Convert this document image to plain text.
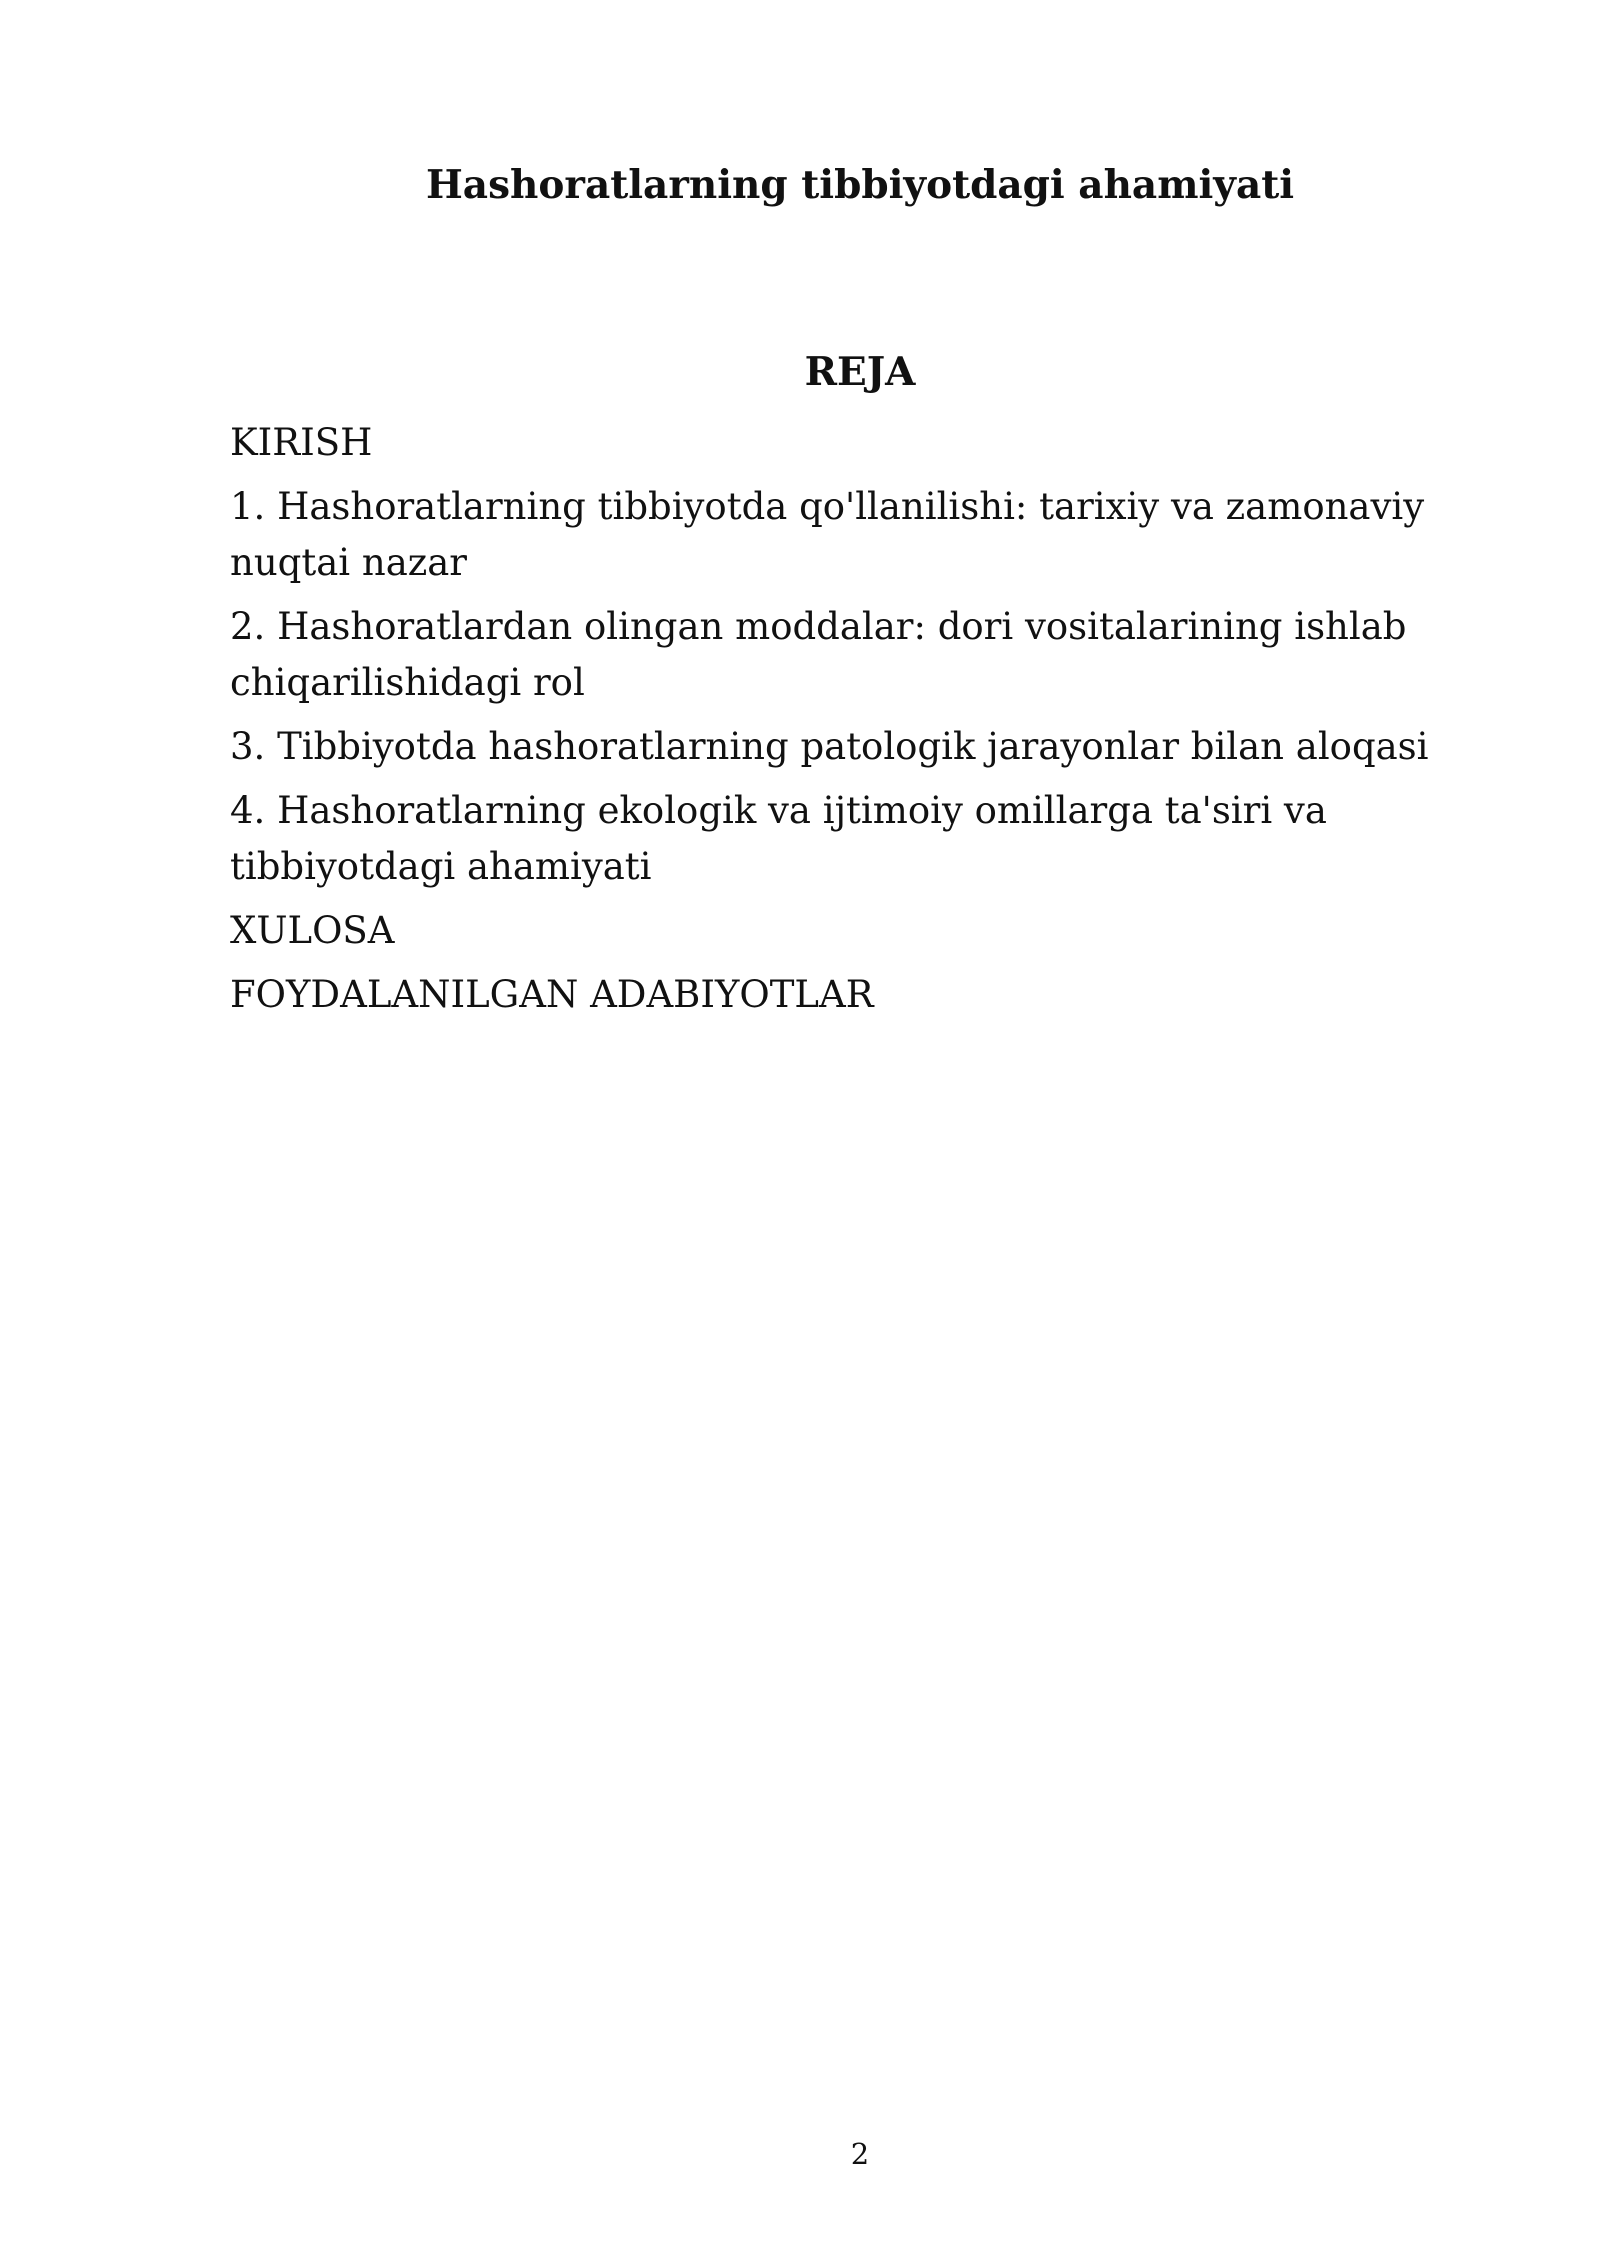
Hashoratlarning tibbiyotdagi ahamiyati
REJA
KIRISH
1. Hashoratlarning tibbiyotda qo'llanilishi: tarixiy va zamonaviy nuqtai nazar
2. Hashoratlardan olingan moddalar: dori vositalarining ishlab chiqarilishidagi rol
3. Tibbiyotda hashoratlarning patologik jarayonlar bilan aloqasi
4. Hashoratlarning ekologik va ijtimoiy omillarga ta'siri va tibbiyotdagi ahamiyati
XULOSA
FOYDALANILGAN ADABIYOTLAR
2
